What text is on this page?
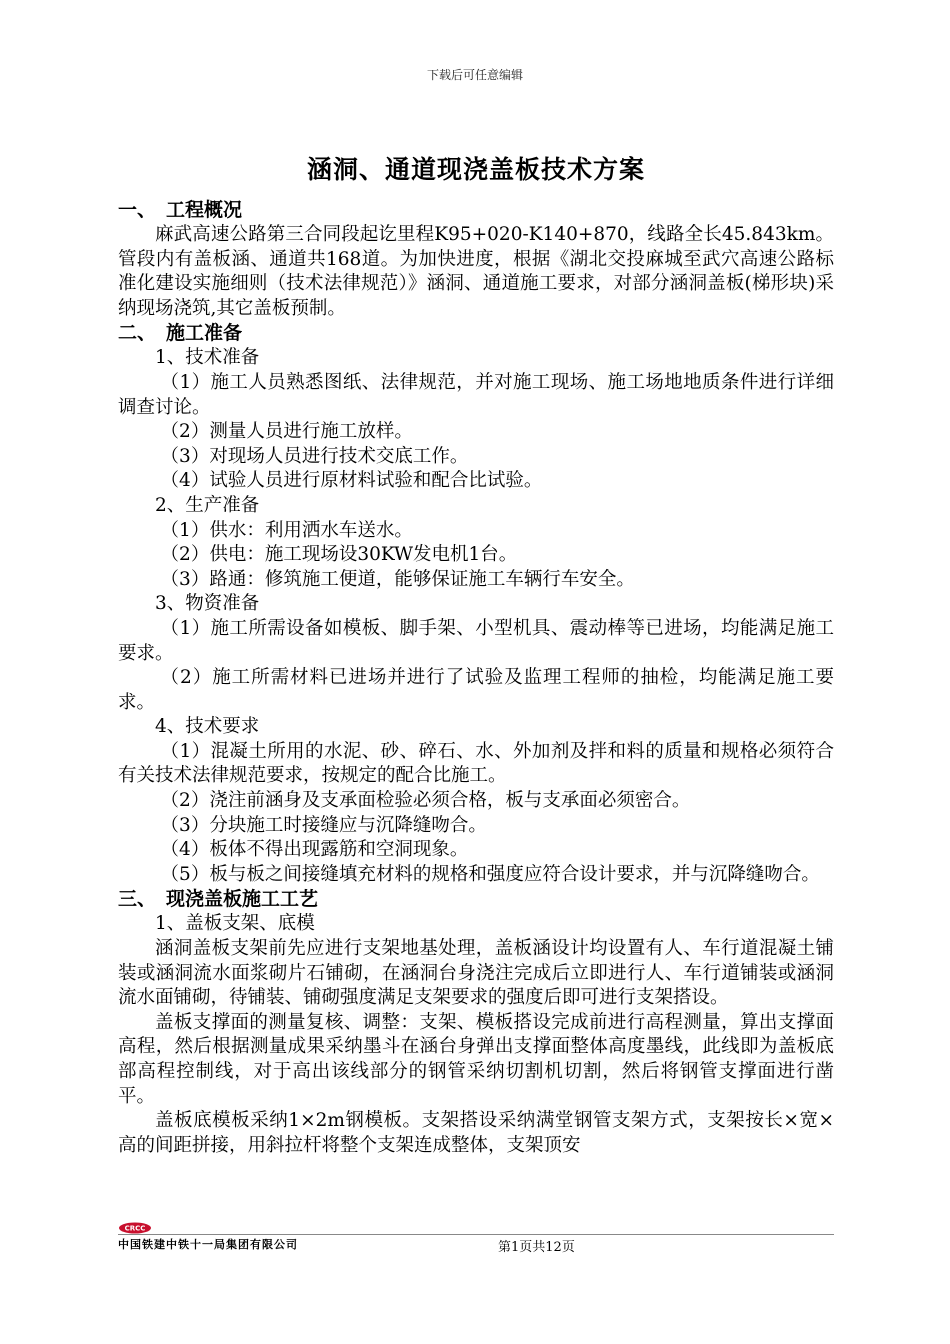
下载后可任意编辑
涵洞、通道现浇盖板技术方案
一、 工程概况

麻武高速公路第三合同段起讫里程K95+020-K140+870，线路全长45.843km。管段内有盖板涵、通道共168道。为加快进度，根据《湖北交投麻城至武穴高速公路标准化建设实施细则（技术法律规范）》涵洞、通道施工要求，对部分涵洞盖板(梯形块)采纳现场浇筑,其它盖板预制。

二、 施工准备

1、技术准备

（1）施工人员熟悉图纸、法律规范，并对施工现场、施工场地地质条件进行详细调查讨论。

（2）测量人员进行施工放样。

（3）对现场人员进行技术交底工作。

（4）试验人员进行原材料试验和配合比试验。

2、生产准备

（1）供水：利用洒水车送水。

（2）供电：施工现场设30KW发电机1台。

（3）路通：修筑施工便道，能够保证施工车辆行车安全。

3、物资准备

（1）施工所需设备如模板、脚手架、小型机具、震动棒等已进场，均能满足施工要求。

（2）施工所需材料已进场并进行了试验及监理工程师的抽检，均能满足施工要求。

4、技术要求

（1）混凝土所用的水泥、砂、碎石、水、外加剂及拌和料的质量和规格必须符合有关技术法律规范要求，按规定的配合比施工。

（2）浇注前涵身及支承面检验必须合格，板与支承面必须密合。

（3）分块施工时接缝应与沉降缝吻合。

（4）板体不得出现露筋和空洞现象。

（5）板与板之间接缝填充材料的规格和强度应符合设计要求，并与沉降缝吻合。

三、 现浇盖板施工工艺

1、盖板支架、底模

涵洞盖板支架前先应进行支架地基处理，盖板涵设计均设置有人、车行道混凝土铺装或涵洞流水面浆砌片石铺砌，在涵洞台身浇注完成后立即进行人、车行道铺装或涵洞流水面铺砌，待铺装、铺砌强度满足支架要求的强度后即可进行支架搭设。

盖板支撑面的测量复核、调整：支架、模板搭设完成前进行高程测量，算出支撑面高程，然后根据测量成果采纳墨斗在涵台身弹出支撑面整体高度墨线，此线即为盖板底部高程控制线，对于高出该线部分的钢管采纳切割机切割，然后将钢管支撑面进行凿平。

盖板底模板采纳1×2m钢模板。支架搭设采纳满堂钢管支架方式，支架按长×宽×高的间距拼接，用斜拉杆将整个支架连成整体，支架顶安

CRCC
中国铁建中铁十一局集团有限公司	第1页共12页
